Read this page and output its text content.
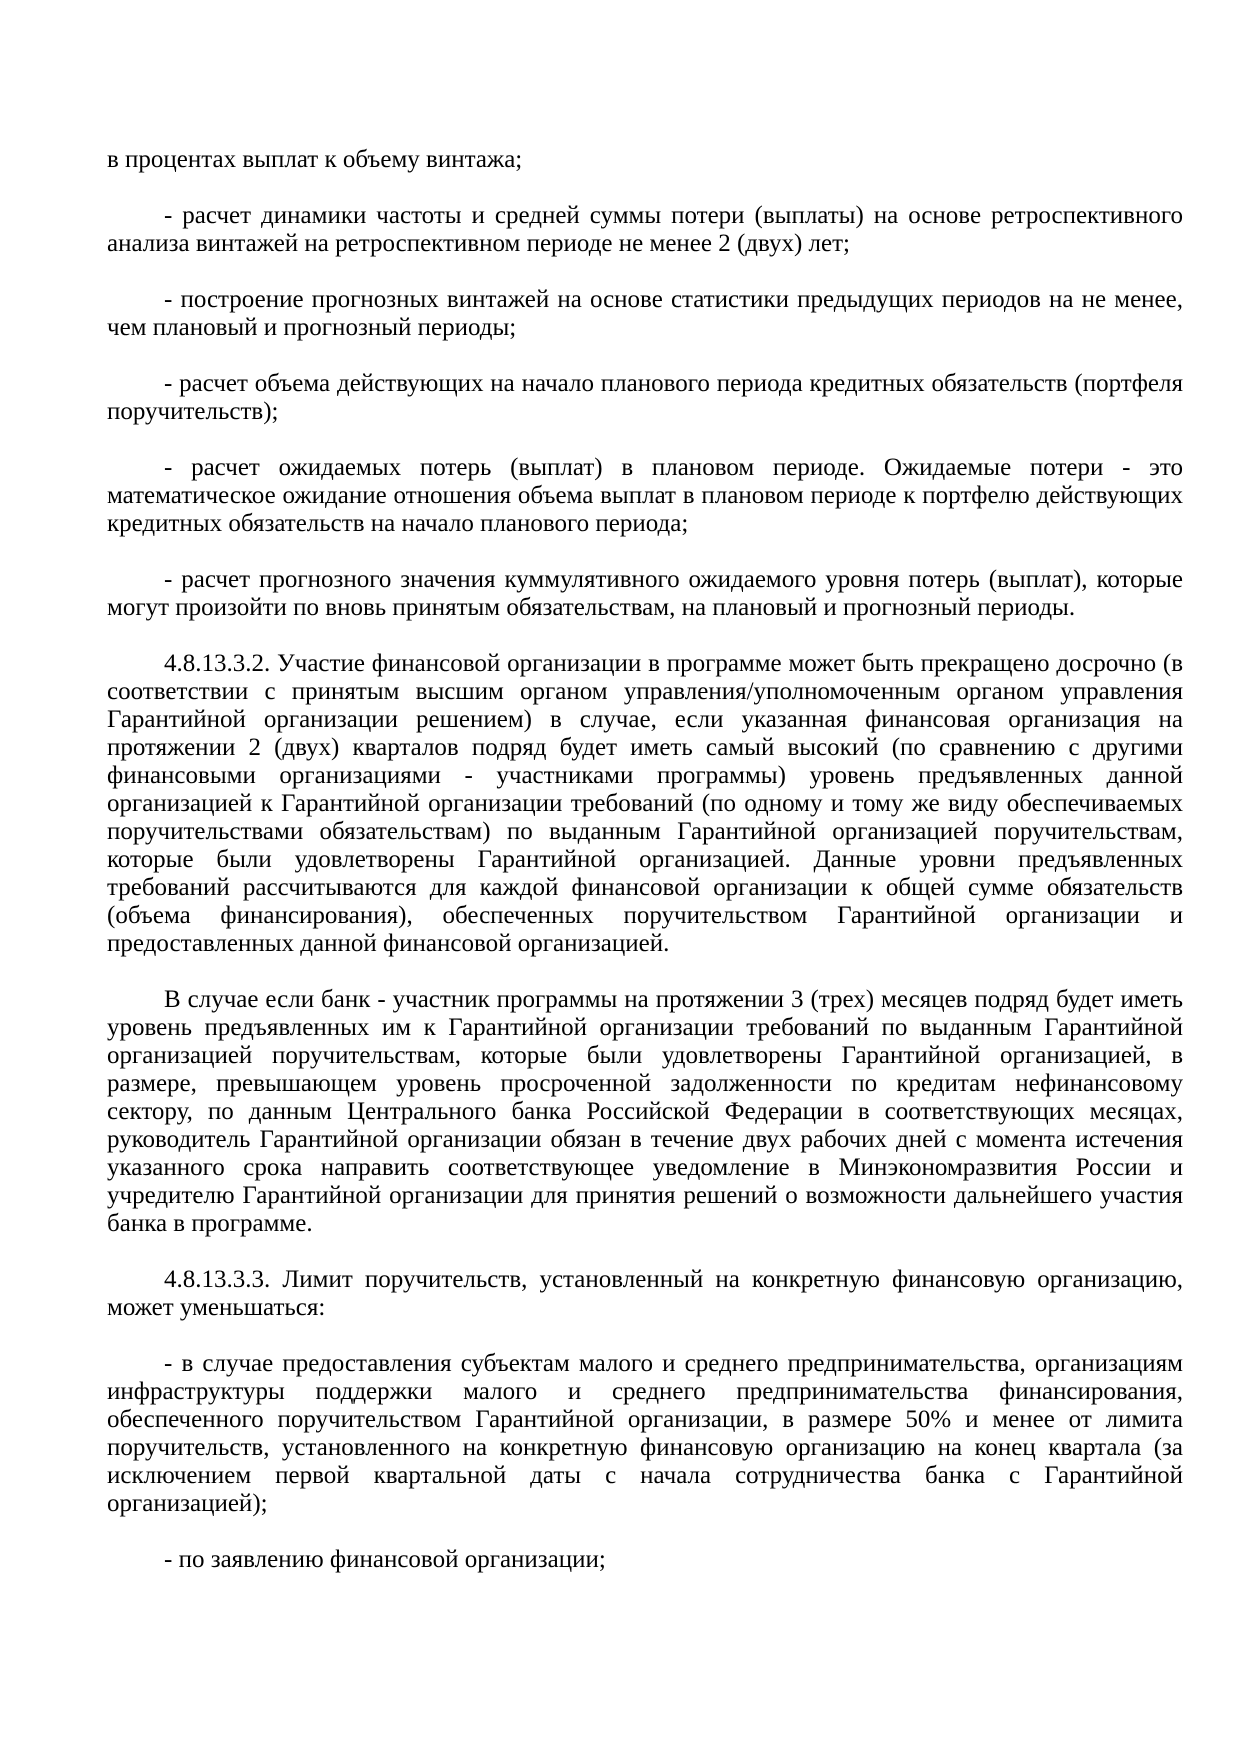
в процентах выплат к объему винтажа;

- расчет динамики частоты и средней суммы потери (выплаты) на основе ретроспективного анализа винтажей на ретроспективном периоде не менее 2 (двух) лет;

- построение прогнозных винтажей на основе статистики предыдущих периодов на не менее, чем плановый и прогнозный периоды;

- расчет объема действующих на начало планового периода кредитных обязательств (портфеля поручительств);

- расчет ожидаемых потерь (выплат) в плановом периоде. Ожидаемые потери - это математическое ожидание отношения объема выплат в плановом периоде к портфелю действующих кредитных обязательств на начало планового периода;

- расчет прогнозного значения куммулятивного ожидаемого уровня потерь (выплат), которые могут произойти по вновь принятым обязательствам, на плановый и прогнозный периоды.

4.8.13.3.2. Участие финансовой организации в программе может быть прекращено досрочно (в соответствии с принятым высшим органом управления/уполномоченным органом управления Гарантийной организации решением) в случае, если указанная финансовая организация на протяжении 2 (двух) кварталов подряд будет иметь самый высокий (по сравнению с другими финансовыми организациями - участниками программы) уровень предъявленных данной организацией к Гарантийной организации требований (по одному и тому же виду обеспечиваемых поручительствами обязательствам) по выданным Гарантийной организацией поручительствам, которые были удовлетворены Гарантийной организацией. Данные уровни предъявленных требований рассчитываются для каждой финансовой организации к общей сумме обязательств (объема финансирования), обеспеченных поручительством Гарантийной организации и предоставленных данной финансовой организацией.

В случае если банк - участник программы на протяжении 3 (трех) месяцев подряд будет иметь уровень предъявленных им к Гарантийной организации требований по выданным Гарантийной организацией поручительствам, которые были удовлетворены Гарантийной организацией, в размере, превышающем уровень просроченной задолженности по кредитам нефинансовому сектору, по данным Центрального банка Российской Федерации в соответствующих месяцах, руководитель Гарантийной организации обязан в течение двух рабочих дней с момента истечения указанного срока направить соответствующее уведомление в Минэкономразвития России и учредителю Гарантийной организации для принятия решений о возможности дальнейшего участия банка в программе.

4.8.13.3.3. Лимит поручительств, установленный на конкретную финансовую организацию, может уменьшаться:

- в случае предоставления субъектам малого и среднего предпринимательства, организациям инфраструктуры поддержки малого и среднего предпринимательства финансирования, обеспеченного поручительством Гарантийной организации, в размере 50% и менее от лимита поручительств, установленного на конкретную финансовую организацию на конец квартала (за исключением первой квартальной даты с начала сотрудничества банка с Гарантийной организацией);

- по заявлению финансовой организации;
